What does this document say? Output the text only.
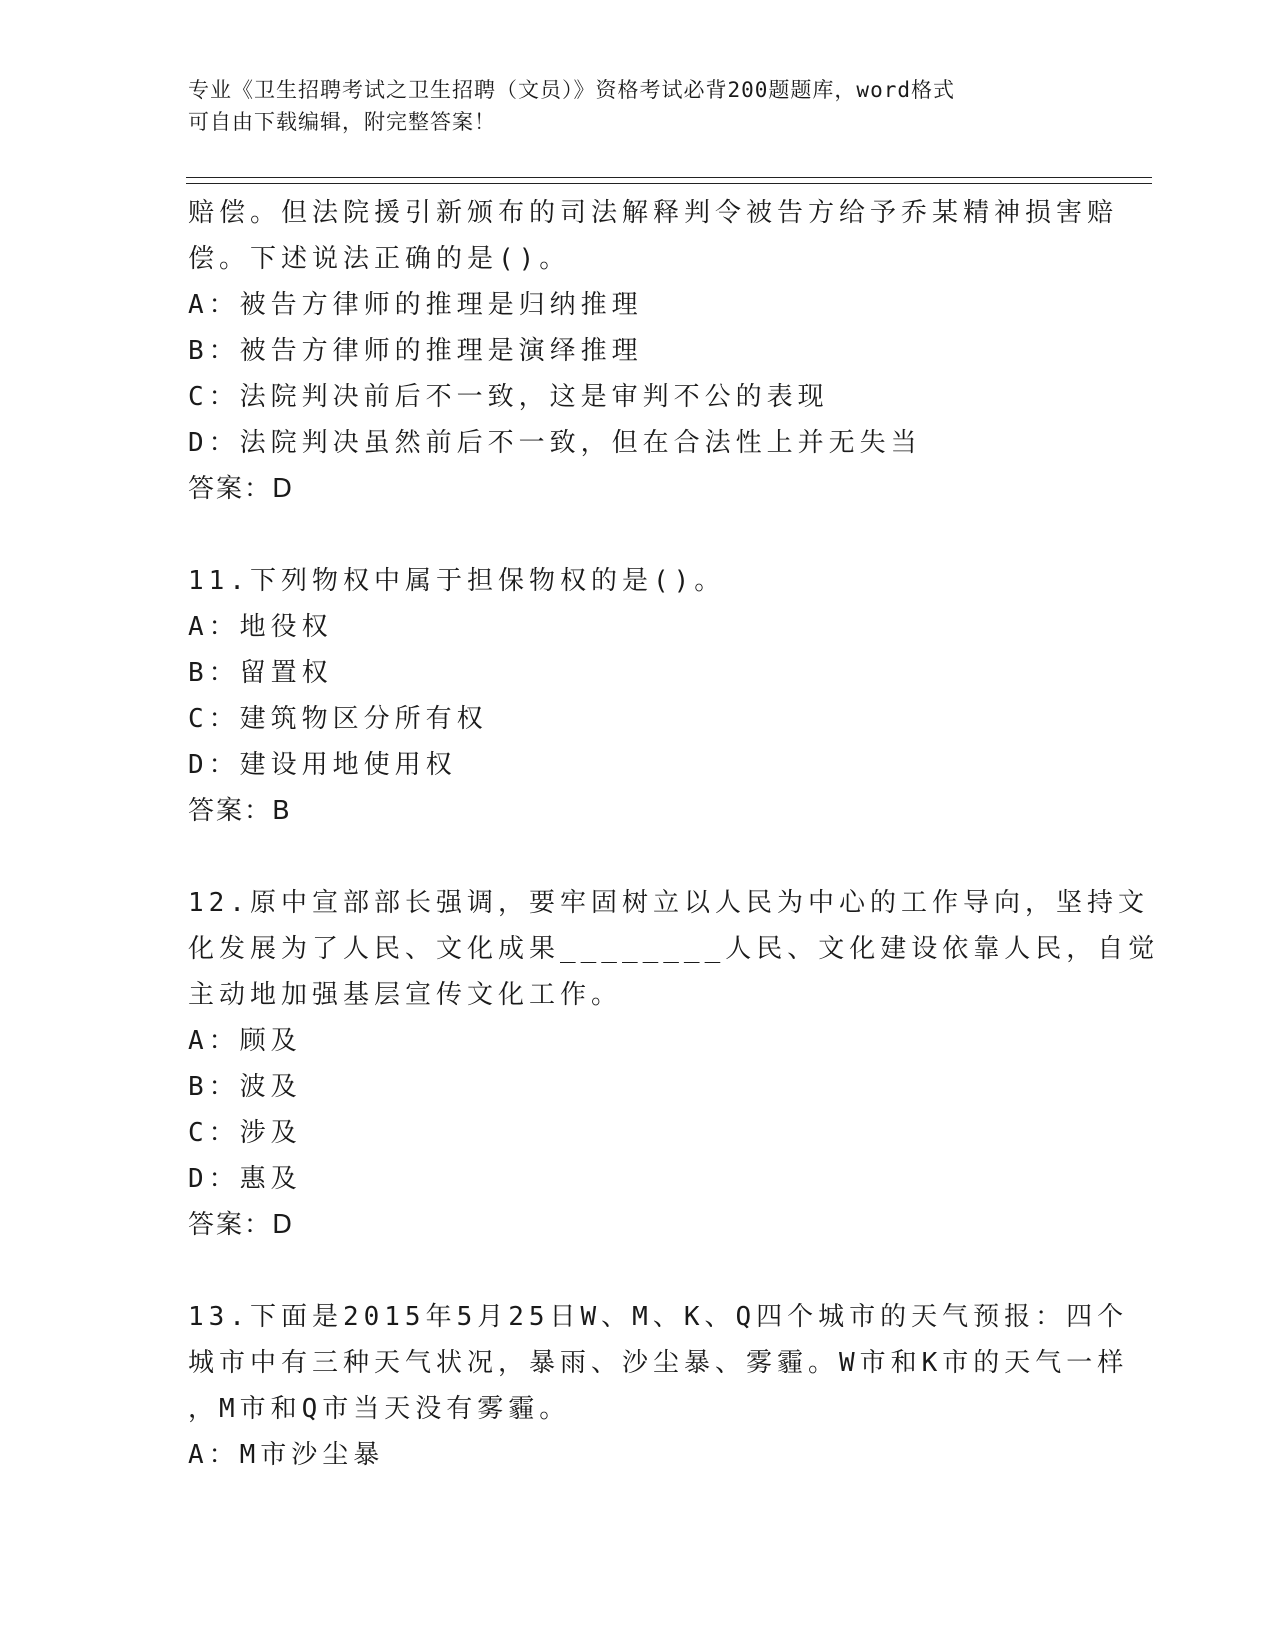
专业《卫生招聘考试之卫生招聘（文员）》资格考试必背200题题库，word格式
可自由下载编辑，附完整答案！
赔偿。但法院援引新颁布的司法解释判令被告方给予乔某精神损害赔
偿。下述说法正确的是()。
A：被告方律师的推理是归纳推理
B：被告方律师的推理是演绎推理
C：法院判决前后不一致，这是审判不公的表现
D：法院判决虽然前后不一致，但在合法性上并无失当
答案：D
11.下列物权中属于担保物权的是()。
A：地役权
B：留置权
C：建筑物区分所有权
D：建设用地使用权
答案：B
12.原中宣部部长强调，要牢固树立以人民为中心的工作导向，坚持文
化发展为了人民、文化成果________人民、文化建设依靠人民，自觉
主动地加强基层宣传文化工作。
A：顾及
B：波及
C：涉及
D：惠及
答案：D
13.下面是2015年5月25日W、M、K、Q四个城市的天气预报：四个
城市中有三种天气状况，暴雨、沙尘暴、雾霾。W市和K市的天气一样
，M市和Q市当天没有雾霾。
A：M市沙尘暴
